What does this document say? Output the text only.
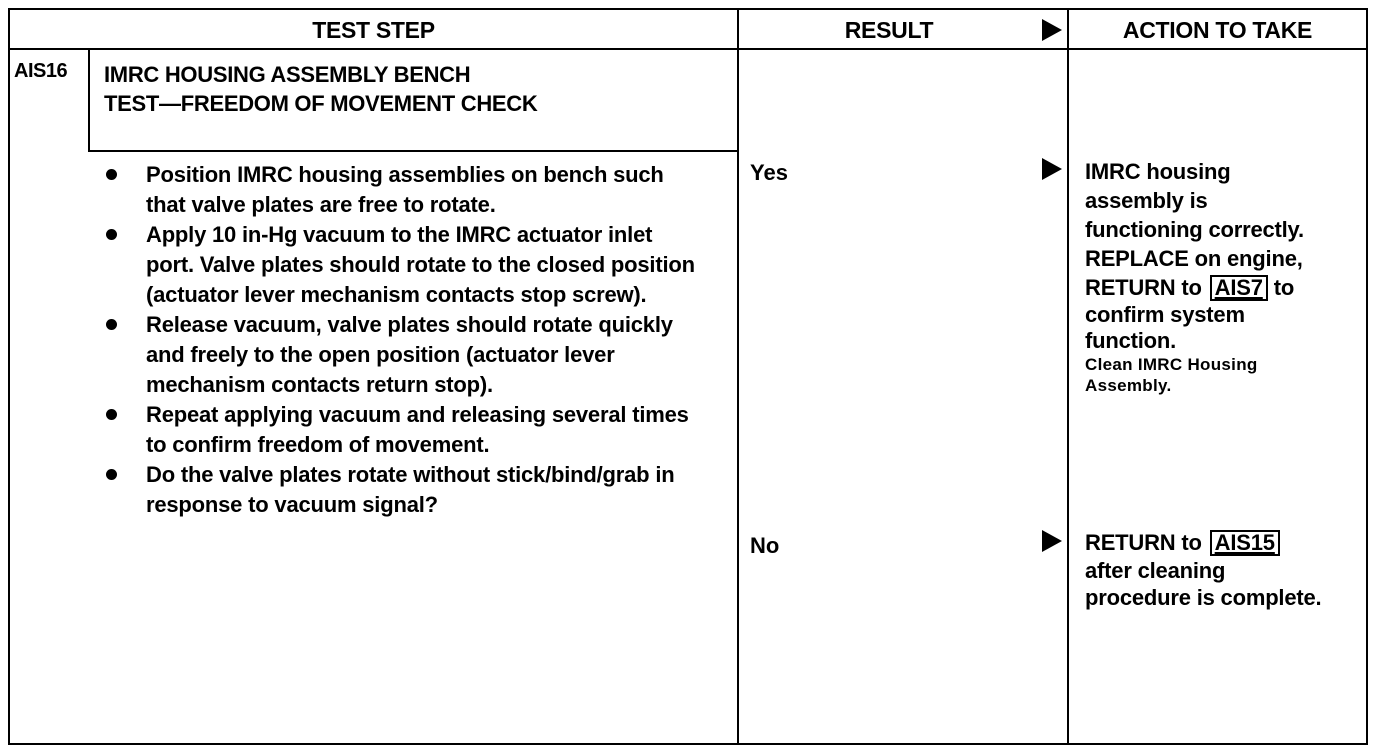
TEST STEP	RESULT	ACTION TO TAKE
AIS16 IMRC HOUSING ASSEMBLY BENCH
TEST—FREEDOM OF MOVEMENT CHECK
Position IMRC housing assemblies on bench such that valve plates are free to rotate.
Apply 10 in-Hg vacuum to the IMRC actuator inlet port. Valve plates should rotate to the closed position (actuator lever mechanism contacts stop screw).
Release vacuum, valve plates should rotate quickly and freely to the open position (actuator lever mechanism contacts return stop).
Repeat applying vacuum and releasing several times to confirm freedom of movement.
Do the valve plates rotate without stick/bind/grab in response to vacuum signal?
Yes
No
IMRC housing
assembly is
functioning correctly.
REPLACE on engine,
RETURN to AIS7 to
confirm system
function.
Clean IMRC Housing
Assembly.
RETURN to AIS15
after cleaning
procedure is complete.
